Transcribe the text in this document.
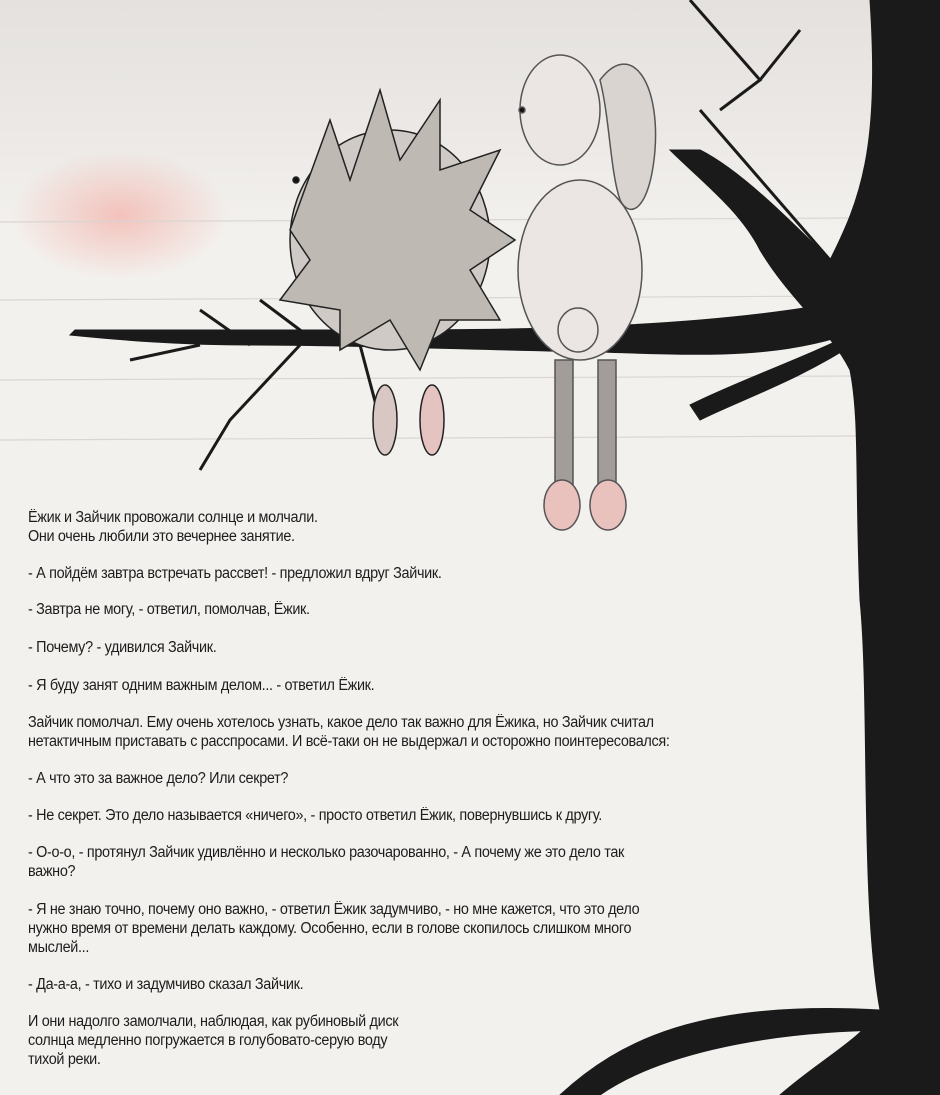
Ёжик и Зайчик провожали солнце и молчали.
Они очень любили это вечернее занятие.
- А пойдём завтра встречать рассвет! - предложил вдруг Зайчик.
- Завтра не могу, - ответил, помолчав, Ёжик.
- Почему? - удивился Зайчик.
- Я буду занят одним важным делом... - ответил Ёжик.
Зайчик помолчал. Ему очень хотелось узнать, какое дело так важно для Ёжика, но Зайчик считал
нетактичным приставать с расспросами. И всё-таки он не выдержал и осторожно поинтересовался:
- А что это за важное дело? Или секрет?
- Не секрет. Это дело называется «ничего», - просто ответил Ёжик, повернувшись к другу.
- О-о-о, - протянул Зайчик удивлённо и несколько разочарованно, - А почему же это дело так
важно?
- Я не знаю точно, почему оно важно, - ответил Ёжик задумчиво, - но мне кажется, что это дело
нужно время от времени делать каждому. Особенно, если в голове скопилось слишком много
мыслей...
- Да-а-а, - тихо и задумчиво сказал Зайчик.
И они надолго замолчали, наблюдая, как рубиновый диск
солнца медленно погружается в голубовато-серую воду
тихой реки.
